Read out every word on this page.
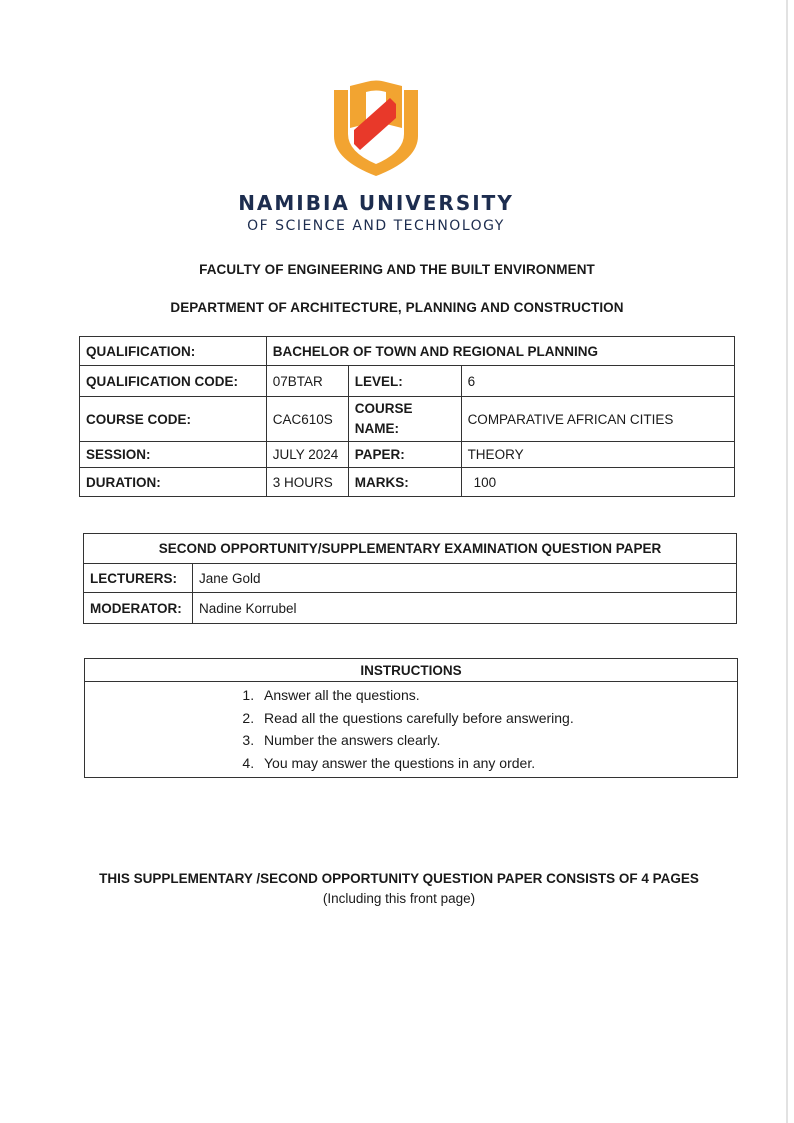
NAMIBIA UNIVERSITY
OF SCIENCE AND TECHNOLOGY
FACULTY OF ENGINEERING AND THE BUILT ENVIRONMENT
DEPARTMENT OF ARCHITECTURE, PLANNING AND CONSTRUCTION
QUALIFICATION:	BACHELOR OF TOWN AND REGIONAL PLANNING		
QUALIFICATION CODE:	07BTAR	LEVEL:	6
COURSE CODE:	CAC610S	COURSE NAME:	COMPARATIVE AFRICAN CITIES
SESSION:	JULY 2024	PAPER:	THEORY
DURATION:	3 HOURS	MARKS:	100
SECOND OPPORTUNITY/SUPPLEMENTARY EXAMINATION QUESTION PAPER	
LECTURERS:	Jane Gold
MODERATOR:	Nadine Korrubel
INSTRUCTIONS

1. Answer all the questions.
2. Read all the questions carefully before answering.
3. Number the answers clearly.
4. You may answer the questions in any order.
THIS SUPPLEMENTARY /SECOND OPPORTUNITY QUESTION PAPER CONSISTS OF 4 PAGES
(Including this front page)
